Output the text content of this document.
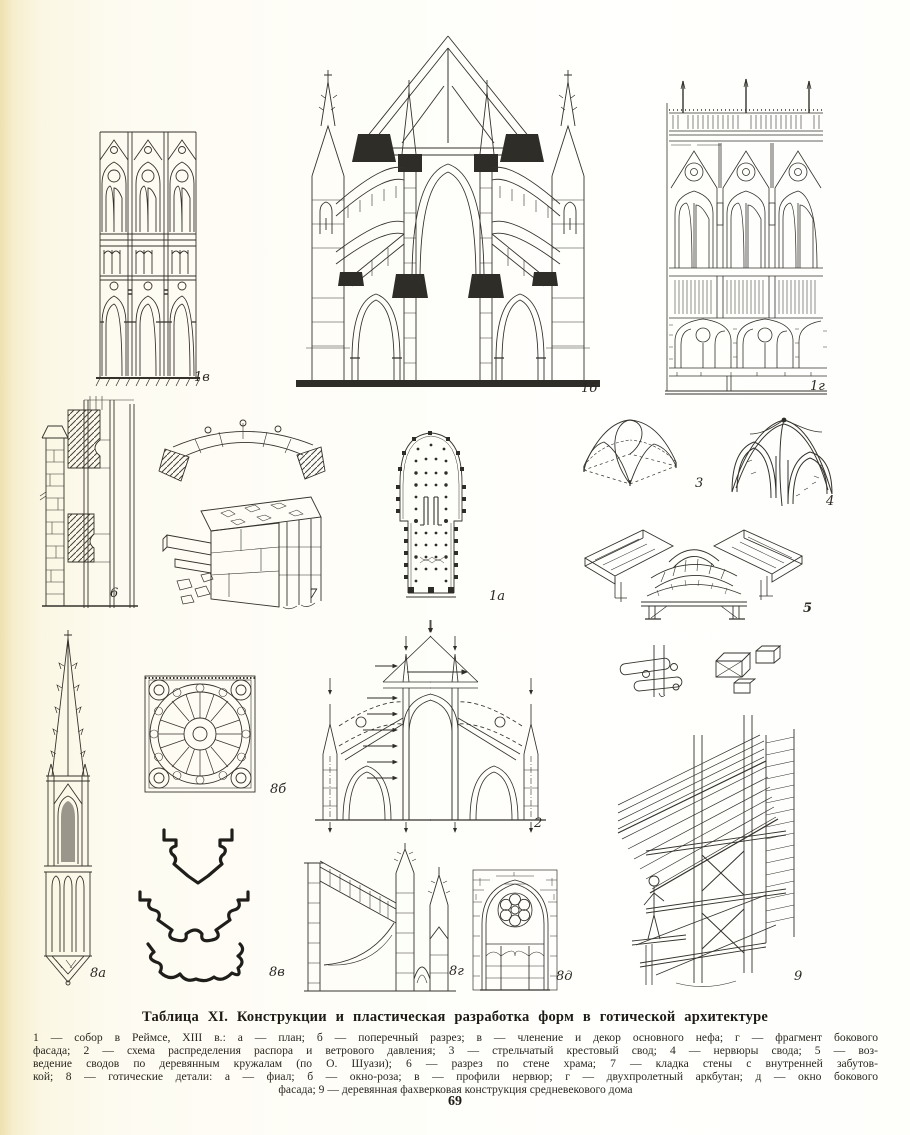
1в
1б	1г
6	7	1а
3
4
5
8а
8б
8в
2
8г	8д	9
Таблица XI. Конструкции и пластическая разработка форм в готической архитектуре
1 — собор в Реймсе, XIII в.: а — план; б — поперечный разрез; в — членение и декор основного нефа; г — фрагмент бокового
фасада; 2 — схема распределения распора и ветрового давления; 3 — стрельчатый крестовый свод; 4 — нервюры свода; 5 — воз-
ведение сводов по деревянным кружалам (по О. Шуази); 6 — разрез по стене храма; 7 — кладка стены с внутренней забутов-
кой; 8 — готические детали: а — фиал; б — окно-роза; в — профили нервюр; г — двухпролетный аркбутан; д — окно бокового
фасада; 9 — деревянная фахверковая конструкция средневекового дома
69
